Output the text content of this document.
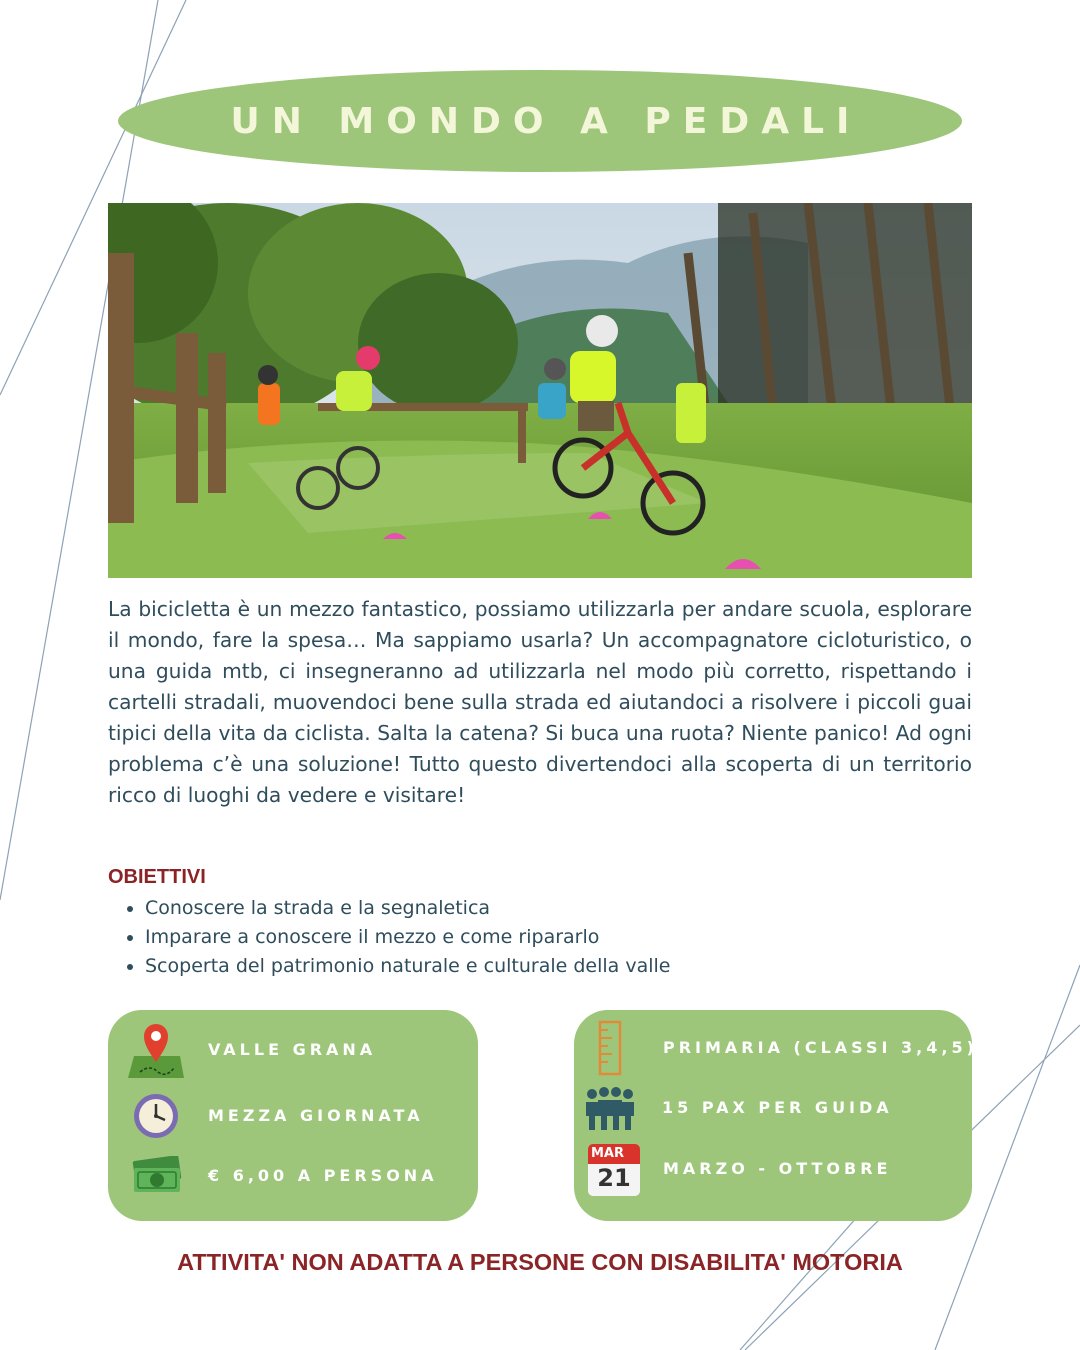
UN MONDO A PEDALI

La bicicletta è un mezzo fantastico, possiamo utilizzarla per andare scuola, esplorare il mondo, fare la spesa… Ma sappiamo usarla? Un accompagnatore cicloturistico, o una guida mtb, ci insegneranno ad utilizzarla nel modo più corretto, rispettando i cartelli stradali, muovendoci bene sulla strada ed aiutandoci a risolvere i piccoli guai tipici della vita da ciclista. Salta la catena? Si buca una ruota? Niente panico! Ad ogni problema c’è una soluzione! Tutto questo divertendoci alla scoperta di un territorio ricco di luoghi da vedere e visitare!

OBIETTIVI
• Conoscere la strada e la segnaletica
• Imparare a conoscere il mezzo e come ripararlo
• Scoperta del patrimonio naturale e culturale della valle
VALLE GRANA
MEZZA GIORNATA
€ 6,00 A PERSONA
PRIMARIA (CLASSI 3,4,5)
15 PAX PER GUIDA
MAR
21	MARZO - OTTOBRE
ATTIVITA' NON ADATTA A PERSONE CON DISABILITA' MOTORIA
